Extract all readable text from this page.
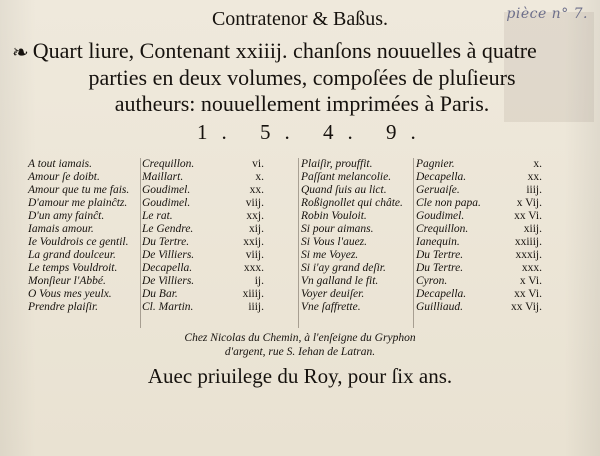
pièce n° 7.
Contratenor & Baßus.
❧ Quart liure, Contenant xxiiij. chanſons nouuelles à quatre
parties en deux volumes, compoſées de pluſieurs
autheurs: nouuellement imprimées à Paris.
1. 5. 4. 9.
A tout iamais.
Amour ſe doibt.
Amour que tu me fais.
D'amour me plainĉtz.
D'un amy fainĉt.
Iamais amour.
Ie Vouldrois ce gentil.
La grand doulceur.
Le temps Vouldroit.
Monſieur l'Abbé.
O Vous mes yeulx.
Prendre plaiſir.
Crequillon.
Maillart.
Goudimel.
Goudimel.
Le rat.
Le Gendre.
Du Tertre.
De Villiers.
Decapella.
De Villiers.
Du Bar.
Cl. Martin.
vi.
x.
xx.
viij.
xxj.
xij.
xxij.
viij.
xxx.
ij.
xiiij.
iiij.
Plaiſir, prouffit.
Paſſant melancolie.
Quand ſuis au lict.
Roßignollet qui châte.
Robin Vouloit.
Si pour aimans.
Si Vous l'auez.
Si me Voyez.
Si i'ay grand deſir.
Vn galland le fit.
Voyer deuiſer.
Vne ſaffrette.
Pagnier.
Decapella.
Geruaiſe.
Cle non papa.
Goudimel.
Crequillon.
Ianequin.
Du Tertre.
Du Tertre.
Cyron.
Decapella.
Guilliaud.
x.
xx.
iiij.
x Vij.
xx Vi.
xiij.
xxiiij.
xxxij.
xxx.
x Vi.
xx Vi.
xx Vij.
Chez Nicolas du Chemin, à l'enſeigne du Gryphon
d'argent, rue S. Iehan de Latran.
Auec priuilege du Roy, pour ſix ans.
